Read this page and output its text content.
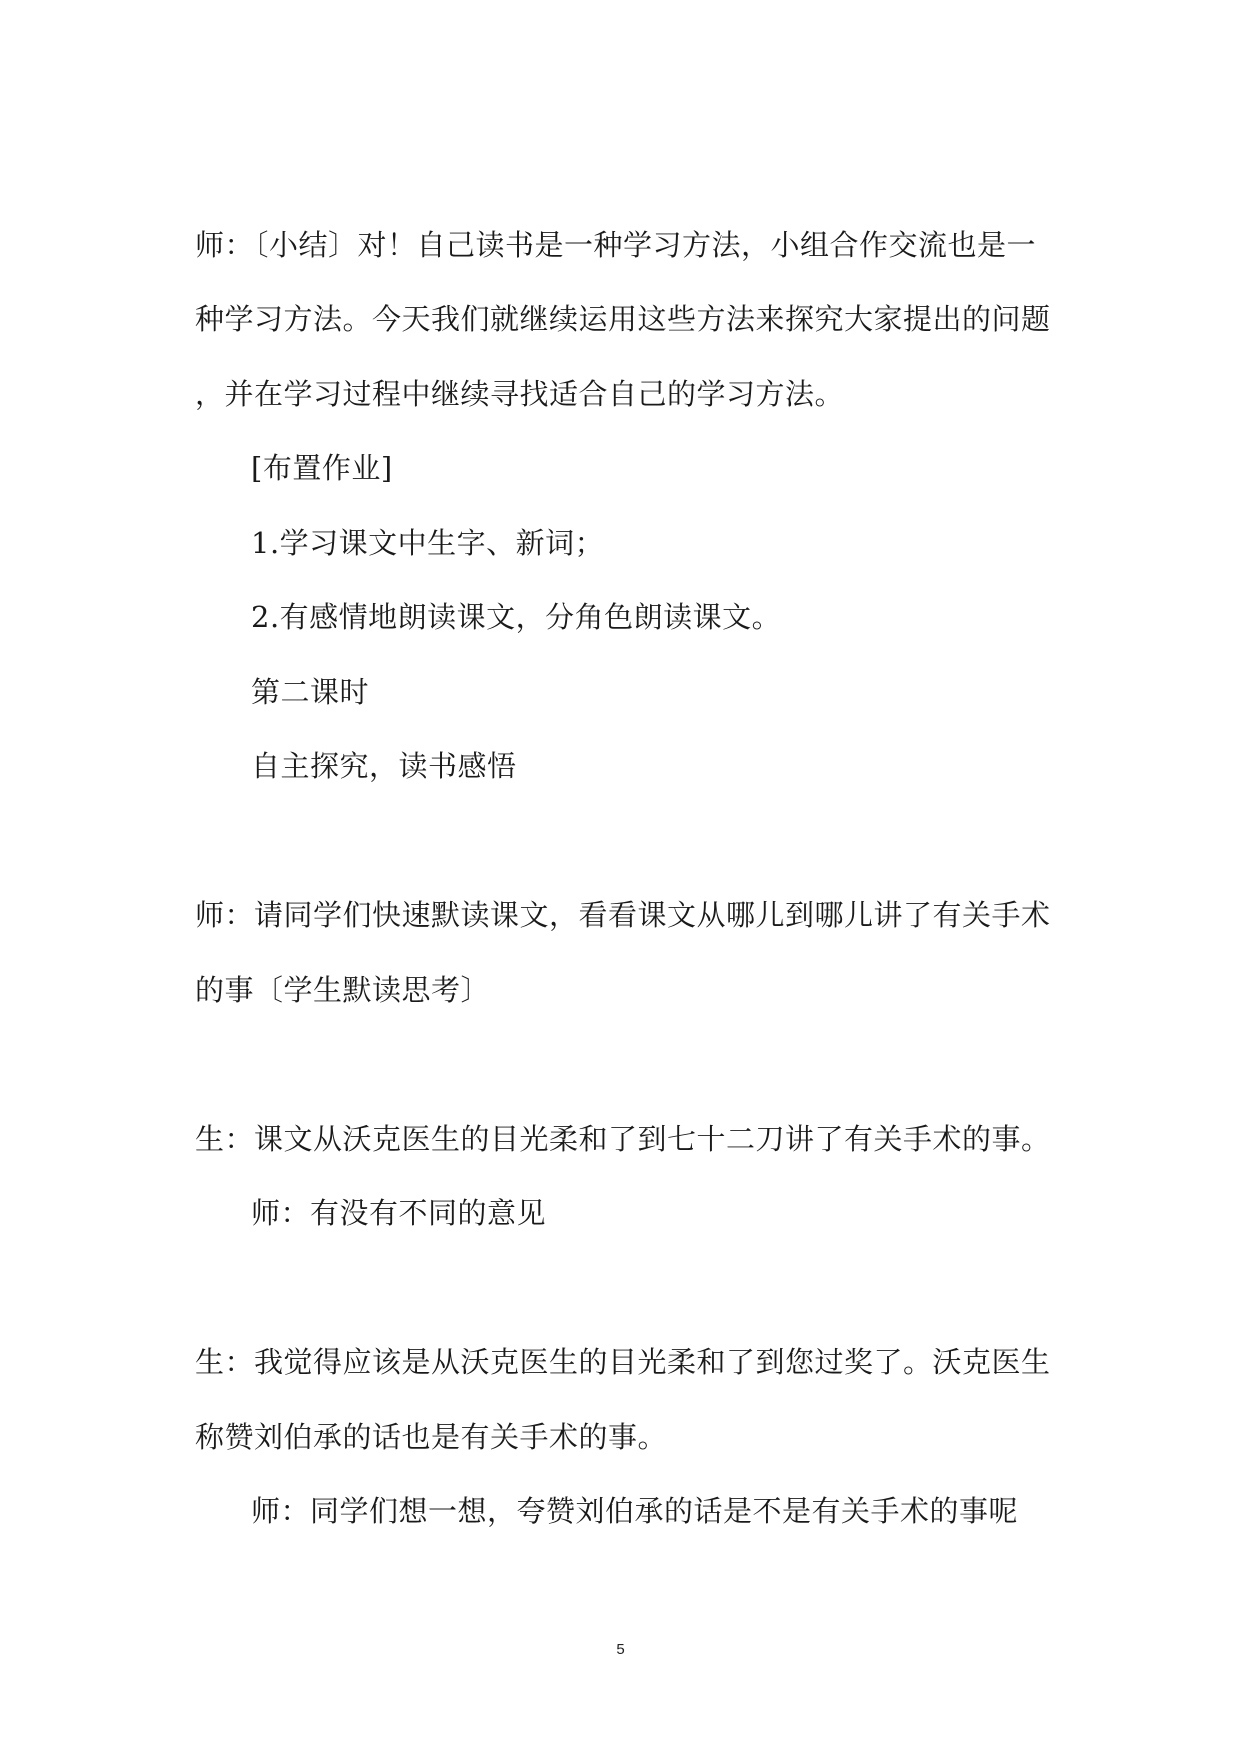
师：〔小结〕对！自己读书是一种学习方法，小组合作交流也是一
种学习方法。今天我们就继续运用这些方法来探究大家提出的问题
，并在学习过程中继续寻找适合自己的学习方法。
[布置作业]
1.学习课文中生字、新词；
2.有感情地朗读课文，分角色朗读课文。
第二课时
自主探究，读书感悟
师：请同学们快速默读课文，看看课文从哪儿到哪儿讲了有关手术
的事〔学生默读思考〕
生：课文从沃克医生的目光柔和了到七十二刀讲了有关手术的事。
师：有没有不同的意见
生：我觉得应该是从沃克医生的目光柔和了到您过奖了。沃克医生
称赞刘伯承的话也是有关手术的事。
师：同学们想一想，夸赞刘伯承的话是不是有关手术的事呢
5
